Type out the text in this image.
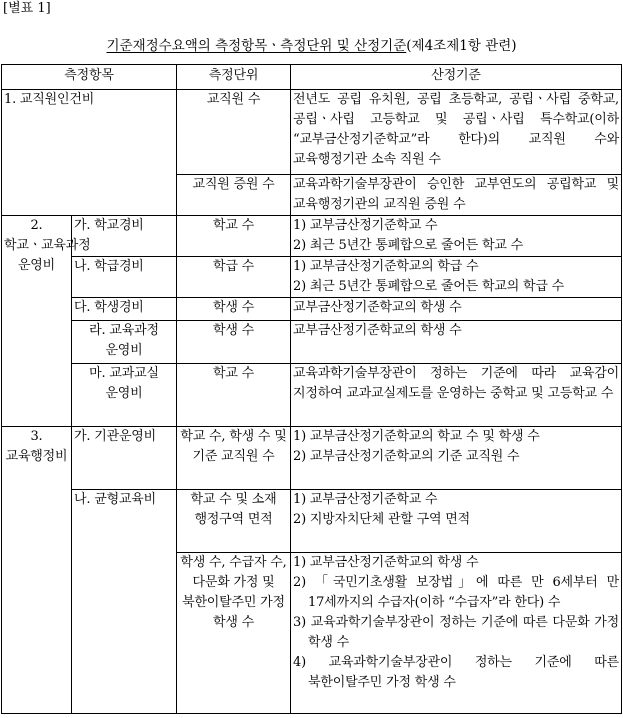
[별표 1]
기준재정수요액의 측정항목ㆍ측정단위 및 산정기준(제4조제1항 관련)
측정항목		측정단위	산정기준
1. 교직원인건비		교직원 수	전년도 공립 유치원, 공립 초등학교, 공립ㆍ사립 중학교, 공립ㆍ사립 고등학교 및 공립ㆍ사립 특수학교(이하 “교부금산정기준학교”라 한다)의 교직원 수와 교육행정기관 소속 직원 수
		교직원 증원 수	교육과학기술부장관이 승인한 교부연도의 공립학교 및 교육행정기관의 교직원 증원 수
2. 학교ㆍ교육과정 운영비	가. 학교경비	학교 수	1) 교부금산정기준학교 수
2) 최근 5년간 통폐합으로 줄어든 학교 수

	나. 학급경비	학급 수	1) 교부금산정기준학교의 학급 수
2) 최근 5년간 통폐합으로 줄어든 학교의 학급 수

	다. 학생경비	학생 수	교부금산정기준학교의 학생 수
	라. 교육과정 운영비	학생 수	교부금산정기준학교의 학생 수
	마. 교과교실 운영비	학교 수	교육과학기술부장관이 정하는 기준에 따라 교육감이 지정하여 교과교실제도를 운영하는 중학교 및 고등학교 수
3. 교육행정비	가. 기관운영비	학교 수, 학생 수 및 기준 교직원 수	1) 교부금산정기준학교의 학교 수 및 학생 수
2) 교부금산정기준학교의 기준 교직원 수

	나. 균형교육비	학교 수 및 소재 행정구역 면적	1) 교부금산정기준학교 수
2) 지방자치단체 관할 구역 면적

		학생 수, 수급자 수, 다문화 가정 및 북한이탈주민 가정 학생 수	1) 교부금산정기준학교의 학생 수
2) 「국민기초생활 보장법」에 따른 만 6세부터 만 17세까지의 수급자(이하 “수급자”라 한다) 수
3) 교육과학기술부장관이 정하는 기준에 따른 다문화 가정 학생 수
4) 교육과학기술부장관이 정하는 기준에 따른 북한이탈주민 가정 학생 수
